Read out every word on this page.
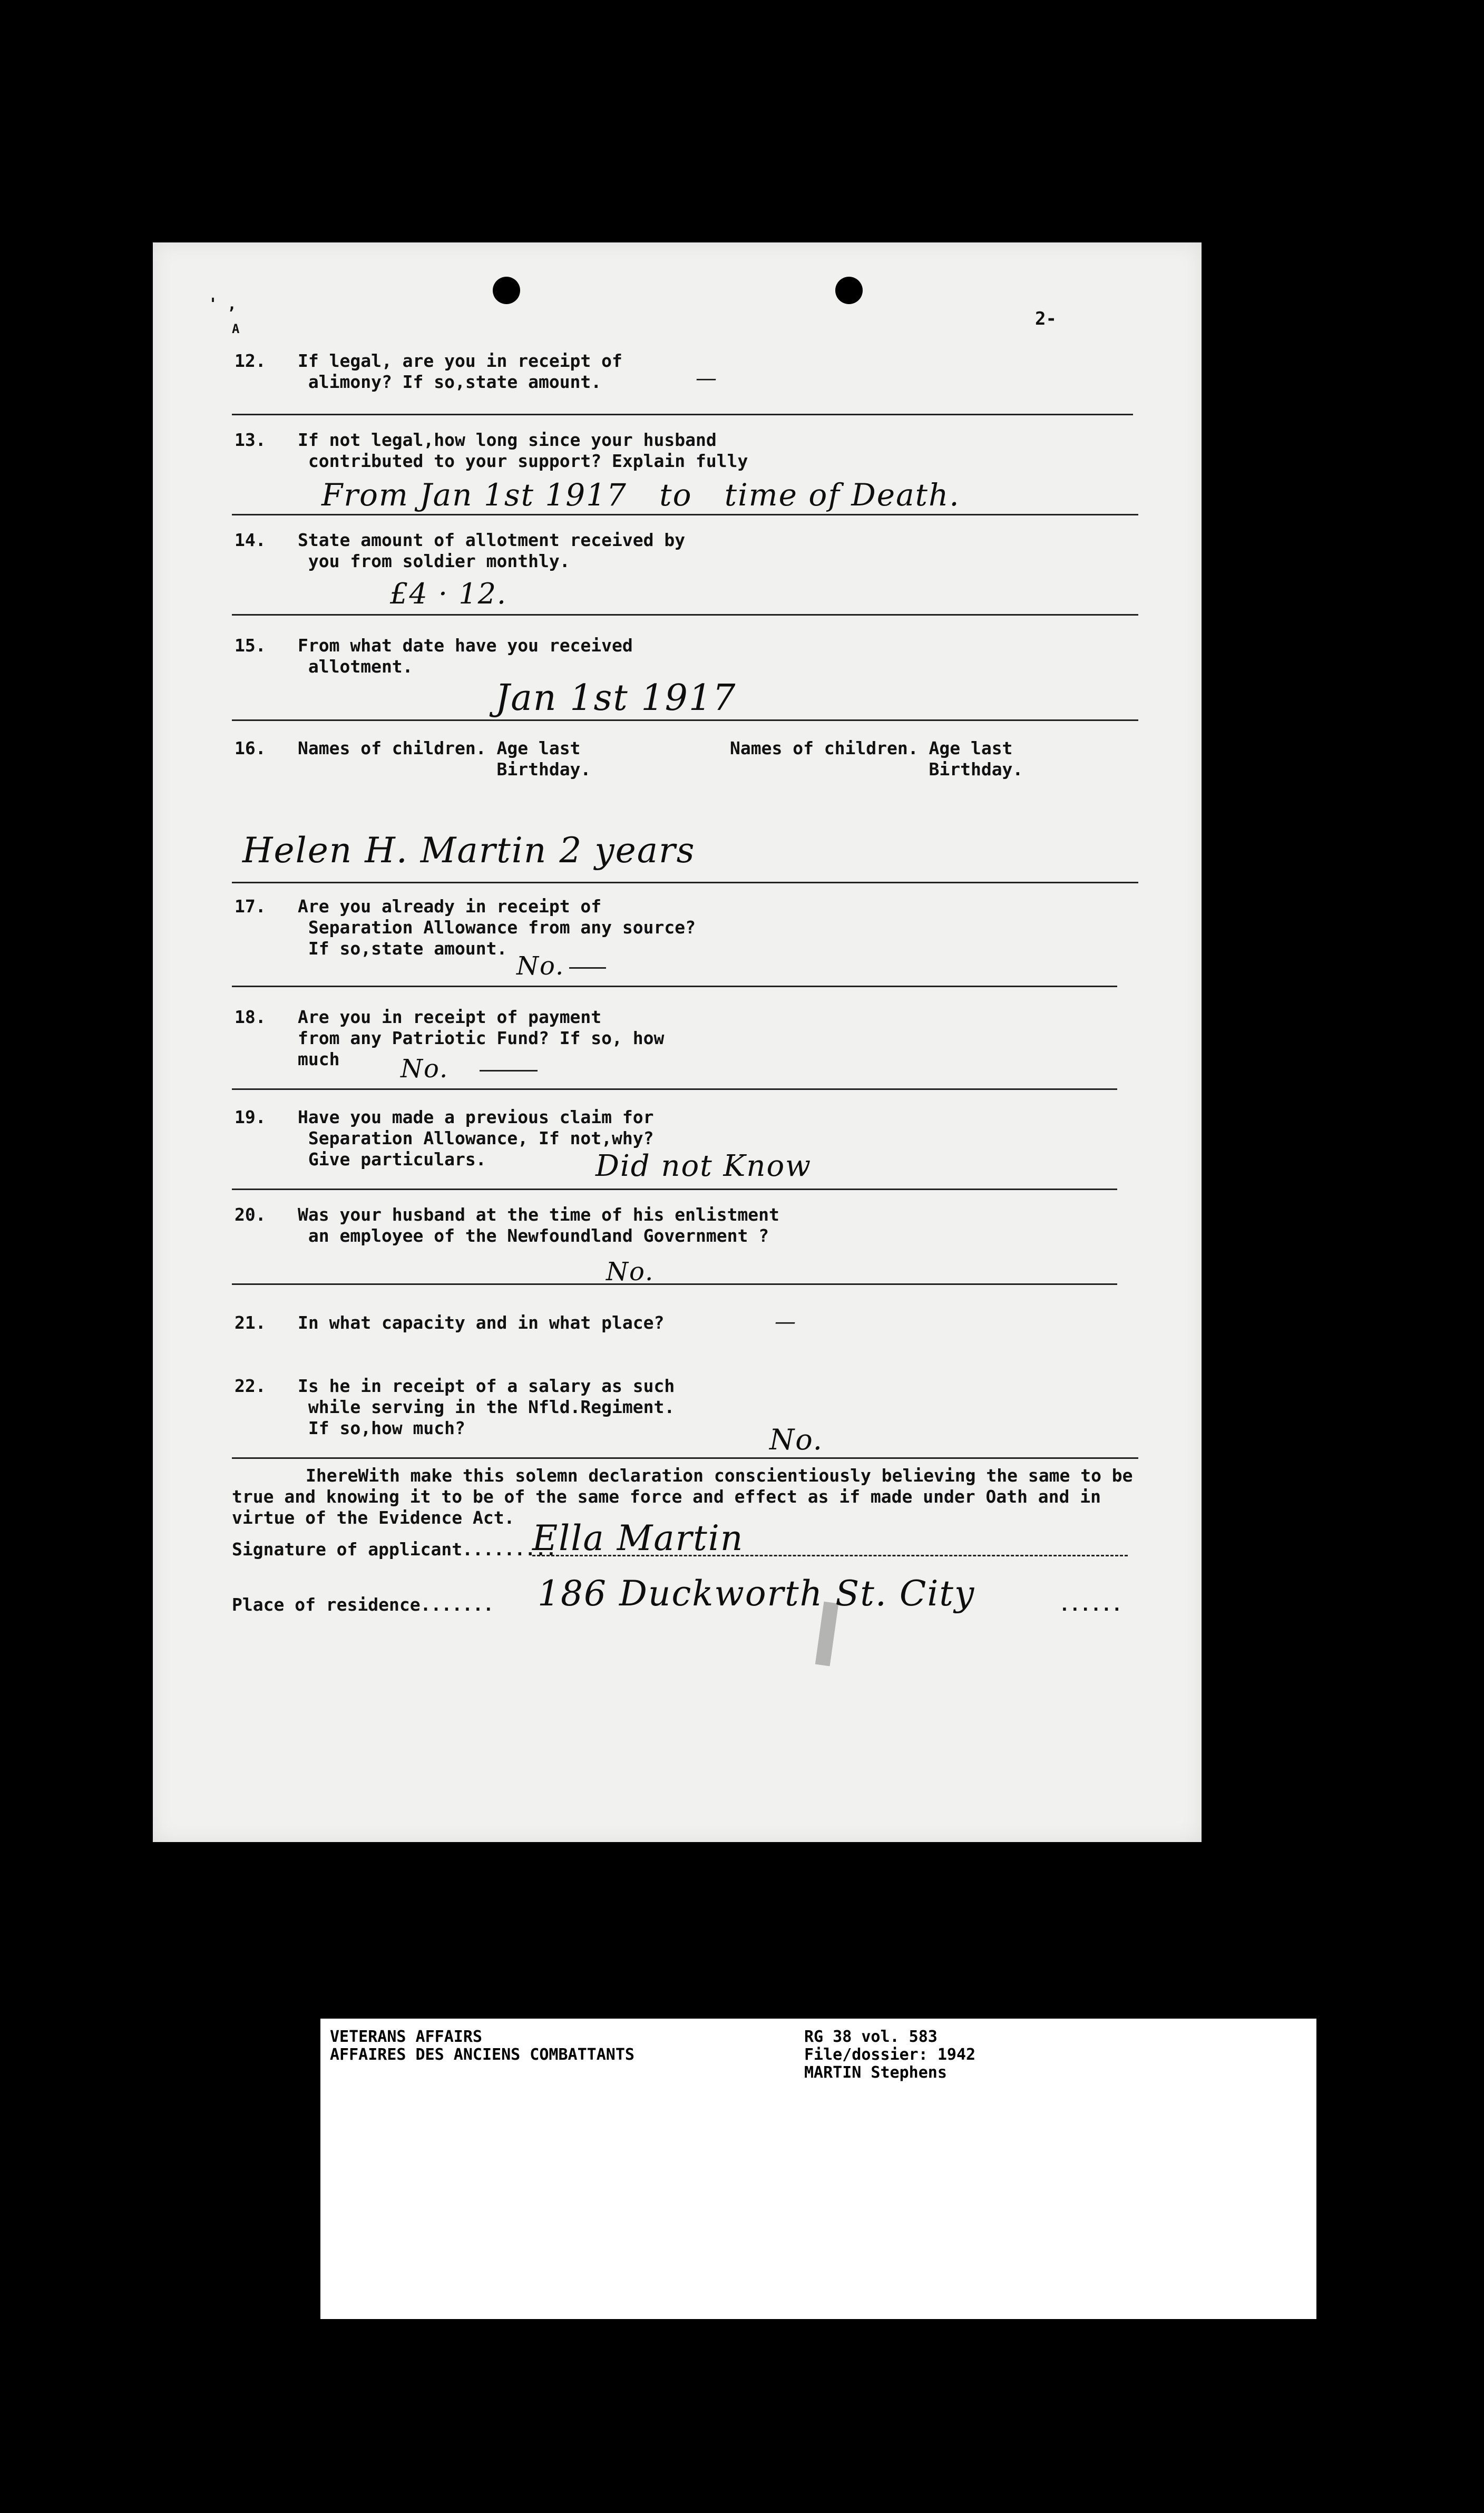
' ,
A	2-
12. If legal, are you in receipt of
alimony? If so,state amount.	—
13. If not legal,how long since your husband
contributed to your support? Explain fully
From Jan 1st 1917   to   time of Death.
14. State amount of allotment received by
you from soldier monthly.
£4 · 12.
15. From what date have you received
allotment.
Jan 1st 1917
16. Names of children. Age last
Birthday.
Names of children. Age last
Birthday.
Helen H. Martin 2 years
17. Are you already in receipt of
Separation Allowance from any source?
If so,state amount.
No.
18. Are you in receipt of payment
from any Patriotic Fund? If so, how
much	No.
19. Have you made a previous claim for
Separation Allowance, If not,why?
Give particulars.	Did not Know
20. Was your husband at the time of his enlistment
an employee of the Newfoundland Government ?
No.
21. In what capacity and in what place?	—
22. Is he in receipt of a salary as such
while serving in the Nfld.Regiment.
If so,how much?	No.
IhereWith make this solemn declaration conscientiously believing the same to be true and knowing it to be of the same force and effect as if made under Oath and in virtue of the Evidence Act.
Signature of applicant.........
Ella Martin
Place of residence....... 186 Duckworth St. City	......
VETERANS AFFAIRS
AFFAIRES DES ANCIENS COMBATTANTS
RG 38 vol. 583
File/dossier: 1942
MARTIN Stephens
